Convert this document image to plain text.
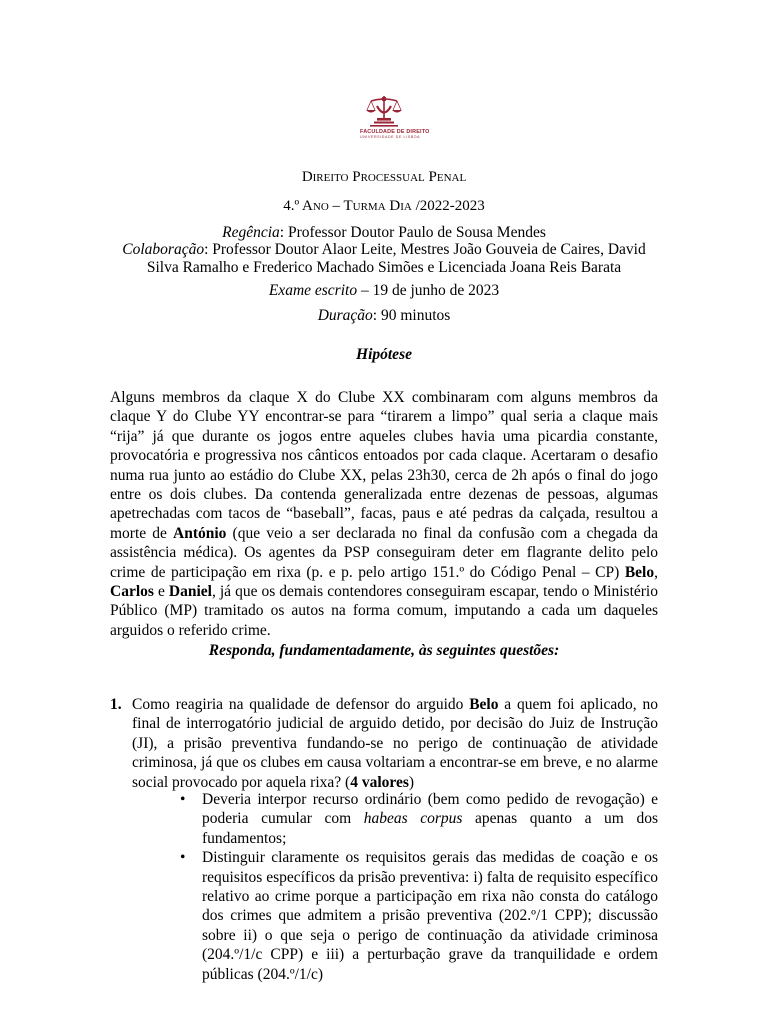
FACULDADE DE DIREITO
UNIVERSIDADE DE LISBOA
Direito Processual Penal
4.º Ano – Turma Dia /2022-2023
Regência: Professor Doutor Paulo de Sousa Mendes
Colaboração: Professor Doutor Alaor Leite, Mestres João Gouveia de Caires, David Silva Ramalho e Frederico Machado Simões e Licenciada Joana Reis Barata
Exame escrito – 19 de junho de 2023
Duração: 90 minutos
Hipótese
Alguns membros da claque X do Clube XX combinaram com alguns membros da claque Y do Clube YY encontrar-se para “tirarem a limpo” qual seria a claque mais “rija” já que durante os jogos entre aqueles clubes havia uma picardia constante, provocatória e progressiva nos cânticos entoados por cada claque. Acertaram o desafio numa rua junto ao estádio do Clube XX, pelas 23h30, cerca de 2h após o final do jogo entre os dois clubes. Da contenda generalizada entre dezenas de pessoas, algumas apetrechadas com tacos de “baseball”, facas, paus e até pedras da calçada, resultou a morte de António (que veio a ser declarada no final da confusão com a chegada da assistência médica). Os agentes da PSP conseguiram deter em flagrante delito pelo crime de participação em rixa (p. e p. pelo artigo 151.º do Código Penal – CP) Belo, Carlos e Daniel, já que os demais contendores conseguiram escapar, tendo o Ministério Público (MP) tramitado os autos na forma comum, imputando a cada um daqueles arguidos o referido crime.
Responda, fundamentadamente, às seguintes questões:
1. Como reagiria na qualidade de defensor do arguido Belo a quem foi aplicado, no final de interrogatório judicial de arguido detido, por decisão do Juiz de Instrução (JI), a prisão preventiva fundando-se no perigo de continuação de atividade criminosa, já que os clubes em causa voltariam a encontrar-se em breve, e no alarme social provocado por aquela rixa? (4 valores)
• Deveria interpor recurso ordinário (bem como pedido de revogação) e poderia cumular com habeas corpus apenas quanto a um dos fundamentos;
• Distinguir claramente os requisitos gerais das medidas de coação e os requisitos específicos da prisão preventiva: i) falta de requisito específico relativo ao crime porque a participação em rixa não consta do catálogo dos crimes que admitem a prisão preventiva (202.º/1 CPP); discussão sobre ii) o que seja o perigo de continuação da atividade criminosa (204.º/1/c CPP) e iii) a perturbação grave da tranquilidade e ordem públicas (204.º/1/c)
